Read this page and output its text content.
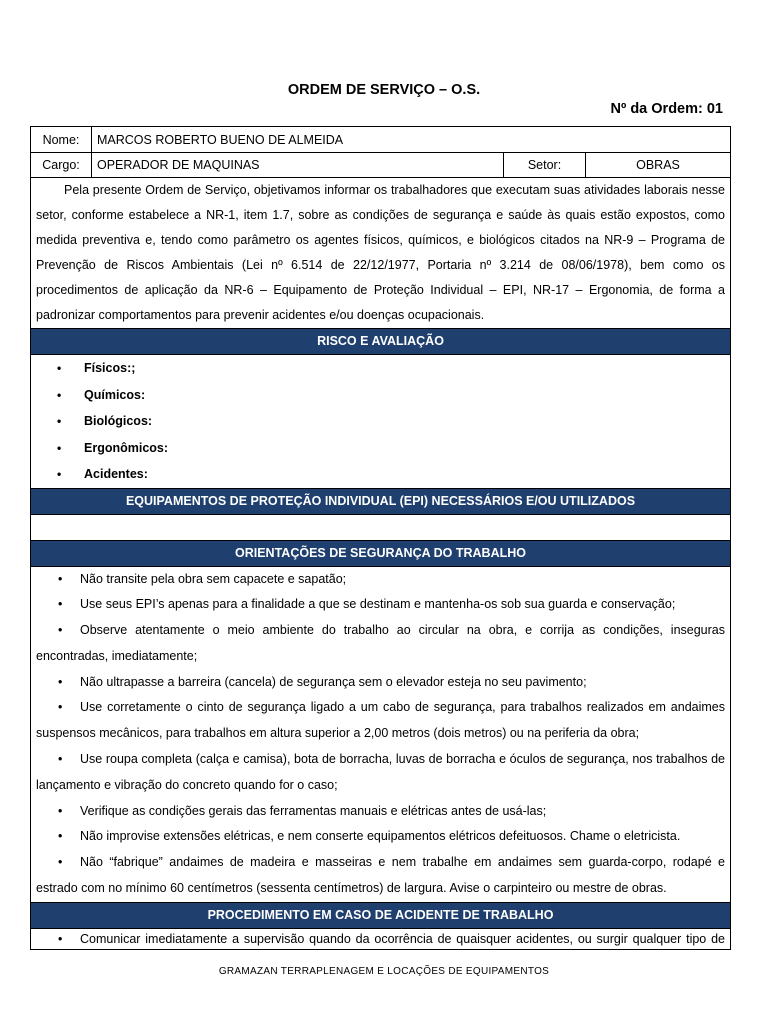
ORDEM DE SERVIÇO – O.S.
Nº da Ordem: 01
Nome:	MARCOS ROBERTO BUENO DE ALMEIDA
Cargo:	OPERADOR DE MAQUINAS	Setor:	OBRAS
Pela presente Ordem de Serviço, objetivamos informar os trabalhadores que executam suas atividades laborais nesse setor, conforme estabelece a NR-1, item 1.7, sobre as condições de segurança e saúde às quais estão expostos, como medida preventiva e, tendo como parâmetro os agentes físicos, químicos, e biológicos citados na NR-9 – Programa de Prevenção de Riscos Ambientais (Lei nº 6.514 de 22/12/1977, Portaria nº 3.214 de 08/06/1978), bem como os procedimentos de aplicação da NR-6 – Equipamento de Proteção Individual – EPI, NR-17 – Ergonomia, de forma a padronizar comportamentos para prevenir acidentes e/ou doenças ocupacionais.
RISCO E AVALIAÇÃO
• Físicos:;
• Químicos:
• Biológicos:
• Ergonômicos:
• Acidentes:
EQUIPAMENTOS DE PROTEÇÃO INDIVIDUAL (EPI) NECESSÁRIOS E/OU UTILIZADOS
ORIENTAÇÕES DE SEGURANÇA DO TRABALHO
• Não transite pela obra sem capacete e sapatão;
• Use seus EPI’s apenas para a finalidade a que se destinam e mantenha-os sob sua guarda e conservação;
• Observe atentamente o meio ambiente do trabalho ao circular na obra, e corrija as condições, inseguras encontradas, imediatamente;
• Não ultrapasse a barreira (cancela) de segurança sem o elevador esteja no seu pavimento;
• Use corretamente o cinto de segurança ligado a um cabo de segurança, para trabalhos realizados em andaimes suspensos mecânicos, para trabalhos em altura superior a 2,00 metros (dois metros) ou na periferia da obra;
• Use roupa completa (calça e camisa), bota de borracha, luvas de borracha e óculos de segurança, nos trabalhos de lançamento e vibração do concreto quando for o caso;
• Verifique as condições gerais das ferramentas manuais e elétricas antes de usá-las;
• Não improvise extensões elétricas, e nem conserte equipamentos elétricos defeituosos. Chame o eletricista.
• Não “fabrique” andaimes de madeira e masseiras e nem trabalhe em andaimes sem guarda-corpo, rodapé e estrado com no mínimo 60 centímetros (sessenta centímetros) de largura. Avise o carpinteiro ou mestre de obras.
PROCEDIMENTO EM CASO DE ACIDENTE DE TRABALHO
• Comunicar imediatamente a supervisão quando da ocorrência de quaisquer acidentes, ou surgir qualquer tipo de
GRAMAZAN TERRAPLENAGEM E LOCAÇÕES DE EQUIPAMENTOS
